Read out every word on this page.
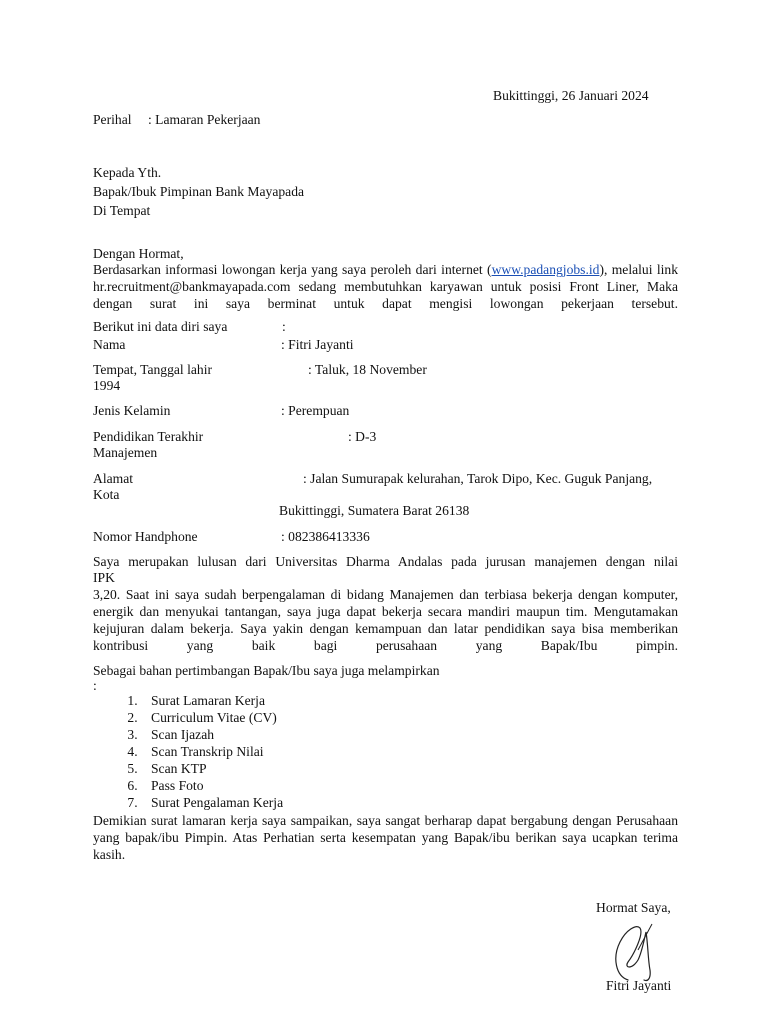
Bukittinggi, 26 Januari 2024
Perihal : Lamaran Pekerjaan
Kepada Yth.
Bapak/Ibuk Pimpinan Bank Mayapada
Di Tempat
Dengan Hormat,
Berdasarkan informasi lowongan kerja yang saya peroleh dari internet (www.padangjobs.id), melalui link hr.recruitment@bankmayapada.com sedang membutuhkan karyawan untuk posisi Front Liner, Maka dengan surat ini saya berminat untuk dapat mengisi lowongan pekerjaan tersebut.
Berikut ini data diri saya	:
Nama	: Fitri Jayanti
Tempat, Tanggal lahir	: Taluk, 18 November
1994
Jenis Kelamin	: Perempuan
Pendidikan Terakhir	: D-3
Manajemen
Alamat	: Jalan Sumurapak kelurahan, Tarok Dipo, Kec. Guguk Panjang,
Kota
Bukittinggi, Sumatera Barat 26138
Nomor Handphone	: 082386413336
Saya merupakan lulusan dari Universitas Dharma Andalas pada jurusan manajemen dengan nilai
IPK
3,20. Saat ini saya sudah berpengalaman di bidang Manajemen dan terbiasa bekerja dengan komputer, energik dan menyukai tantangan, saya juga dapat bekerja secara mandiri maupun tim. Mengutamakan kejujuran dalam bekerja. Saya yakin dengan kemampuan dan latar pendidikan saya bisa memberikan kontribusi yang baik bagi perusahaan yang Bapak/Ibu pimpin.
Sebagai bahan pertimbangan Bapak/Ibu saya juga melampirkan
:
1. Surat Lamaran Kerja
2. Curriculum Vitae (CV)
3. Scan Ijazah
4. Scan Transkrip Nilai
5. Scan KTP
6. Pass Foto
7. Surat Pengalaman Kerja
Demikian surat lamaran kerja saya sampaikan, saya sangat berharap dapat bergabung dengan Perusahaan yang bapak/ibu Pimpin. Atas Perhatian serta kesempatan yang Bapak/ibu berikan saya ucapkan terima kasih.
Hormat Saya,
Fitri Jayanti
